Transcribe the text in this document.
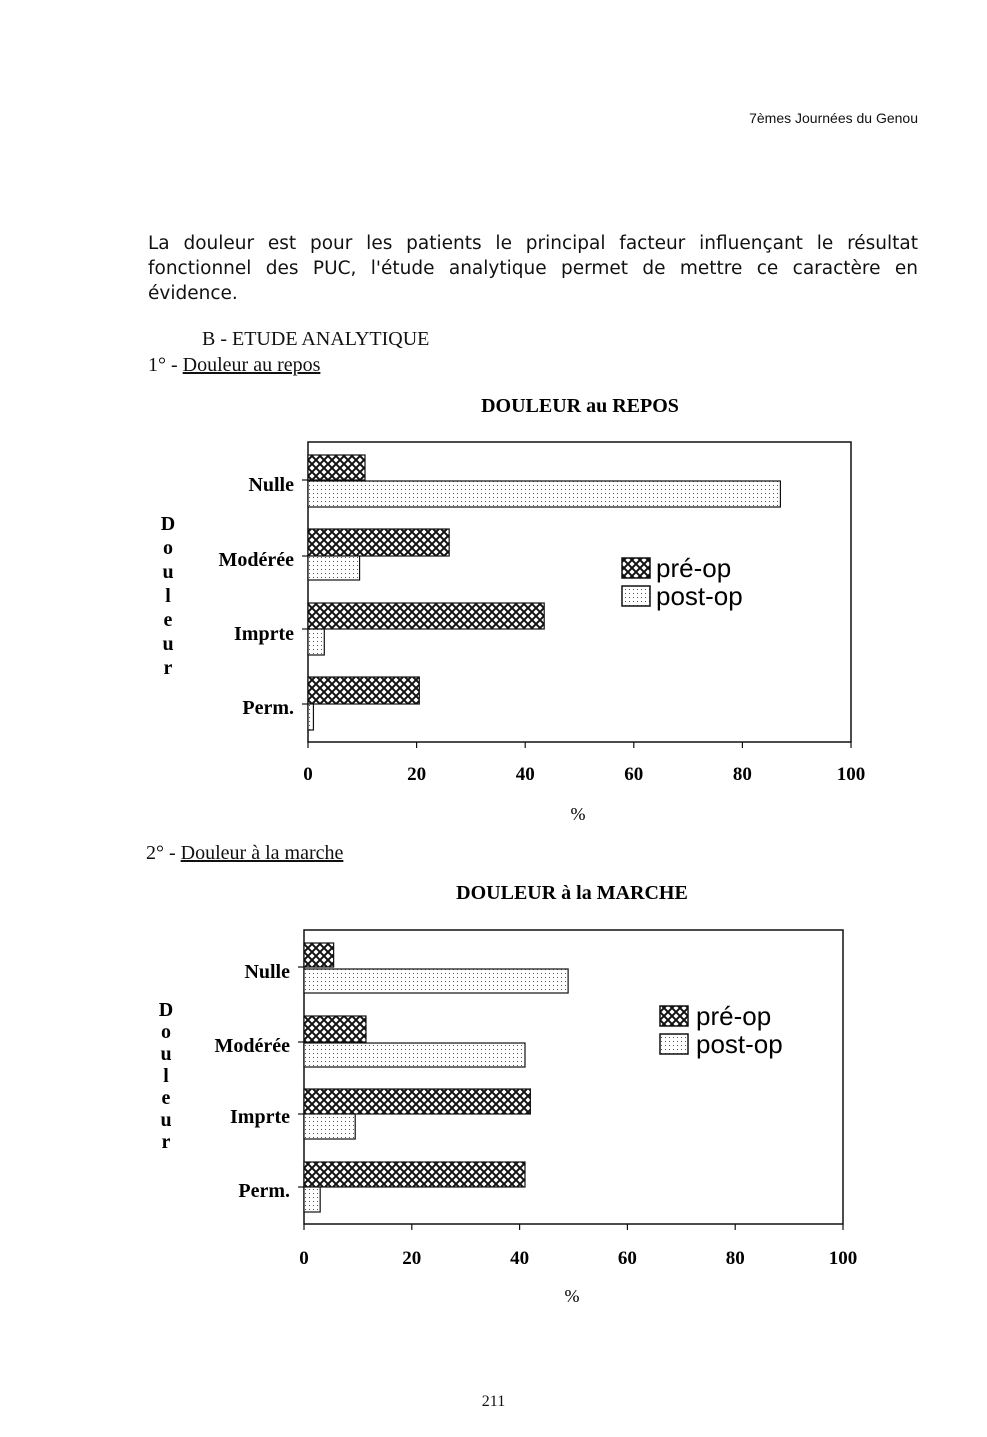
7èmes Journées du Genou
La douleur est pour les patients le principal facteur influençant le résultat fonctionnel des PUC, l'étude analytique permet de mettre ce caractère en évidence.
B - ETUDE ANALYTIQUE
1° - Douleur au repos
DOULEUR au REPOS
Nulle
Modérée
Imprte
Perm.
0	20	40	60	80	100
%
D o u l e u r
pré-op
post-op
2° - Douleur à la marche
DOULEUR à la MARCHE
Nulle
Modérée
Imprte
Perm.
0	20	40	60	80	100
%
D o u l e u r
pré-op
post-op
211
